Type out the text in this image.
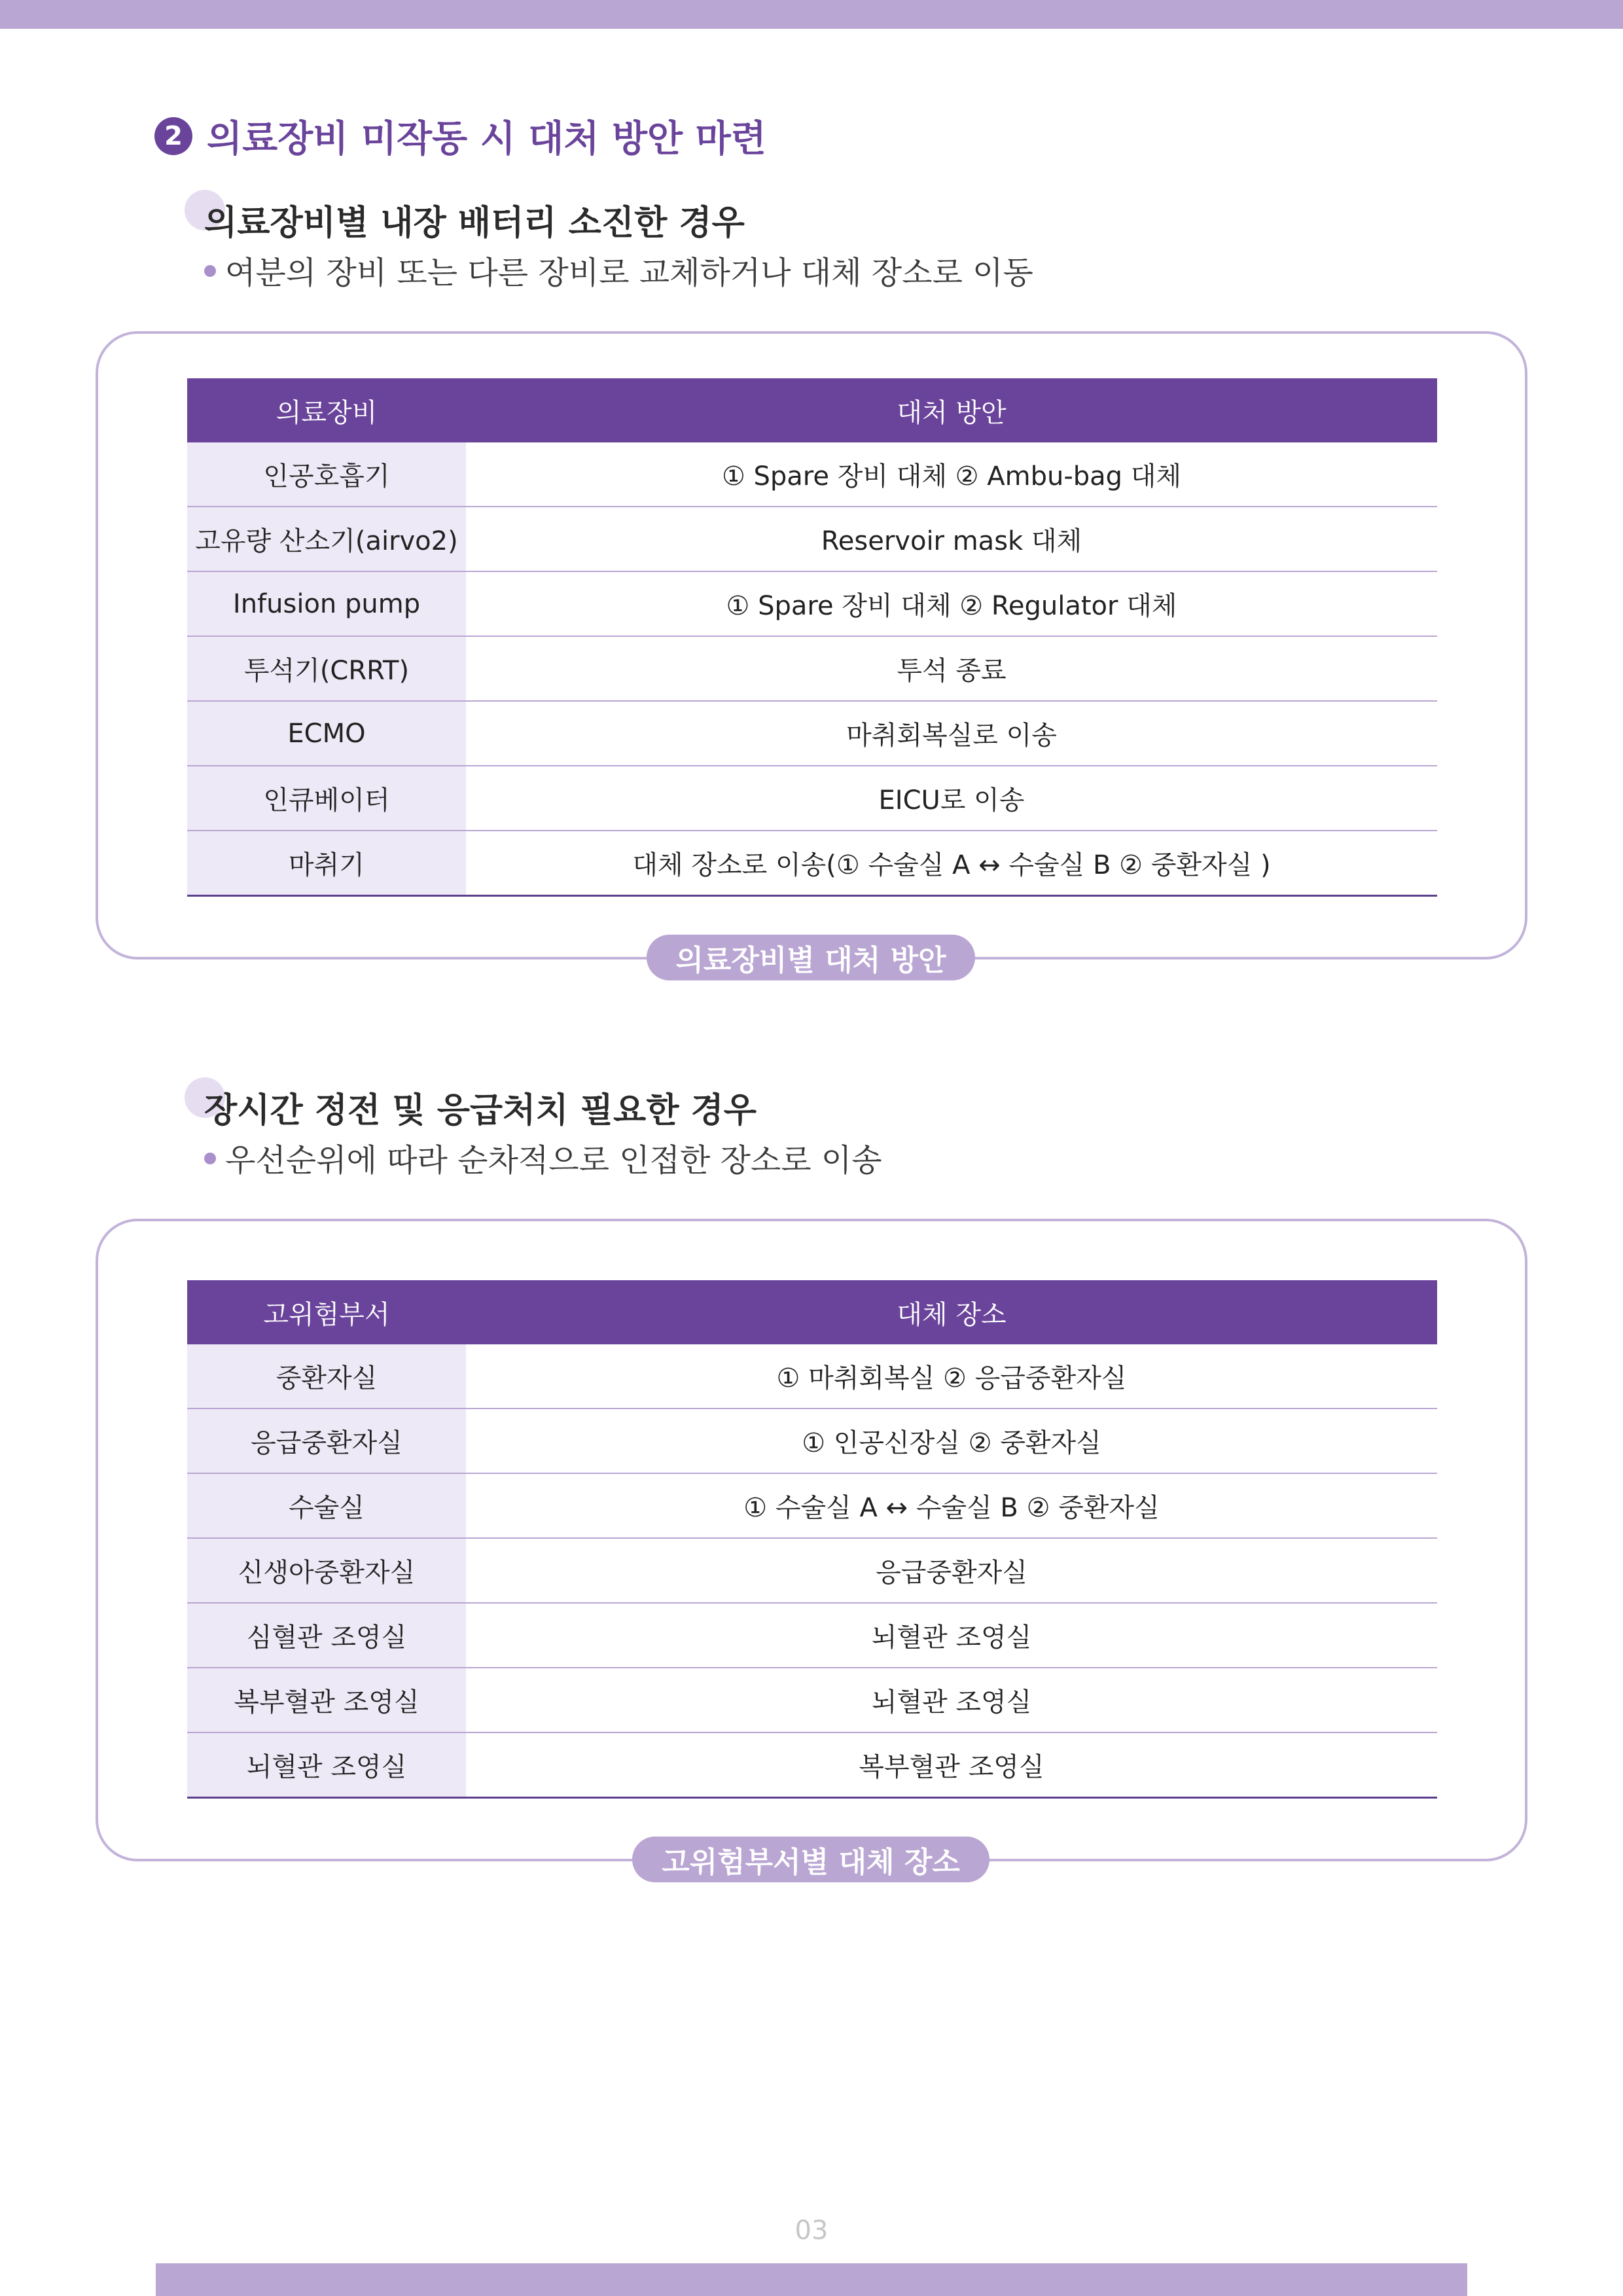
2 의료장비 미작동 시 대처 방안 마련
의료장비별 내장 배터리 소진한 경우
여분의 장비 또는 다른 장비로 교체하거나 대체 장소로 이동
의료장비	대처 방안
인공호흡기	① Spare 장비 대체 ② Ambu-bag 대체
고유량 산소기(airvo2)	Reservoir mask 대체
Infusion pump	① Spare 장비 대체 ② Regulator 대체
투석기(CRRT)	투석 종료
ECMO	마취회복실로 이송
인큐베이터	EICU로 이송
마취기	대체 장소로 이송(① 수술실 A ↔ 수술실 B ② 중환자실 )
의료장비별 대처 방안
장시간 정전 및 응급처치 필요한 경우
우선순위에 따라 순차적으로 인접한 장소로 이송
고위험부서	대체 장소
중환자실	① 마취회복실 ② 응급중환자실
응급중환자실	① 인공신장실 ② 중환자실
수술실	① 수술실 A ↔ 수술실 B ② 중환자실
신생아중환자실	응급중환자실
심혈관 조영실	뇌혈관 조영실
복부혈관 조영실	뇌혈관 조영실
뇌혈관 조영실	복부혈관 조영실
고위험부서별 대체 장소
03
